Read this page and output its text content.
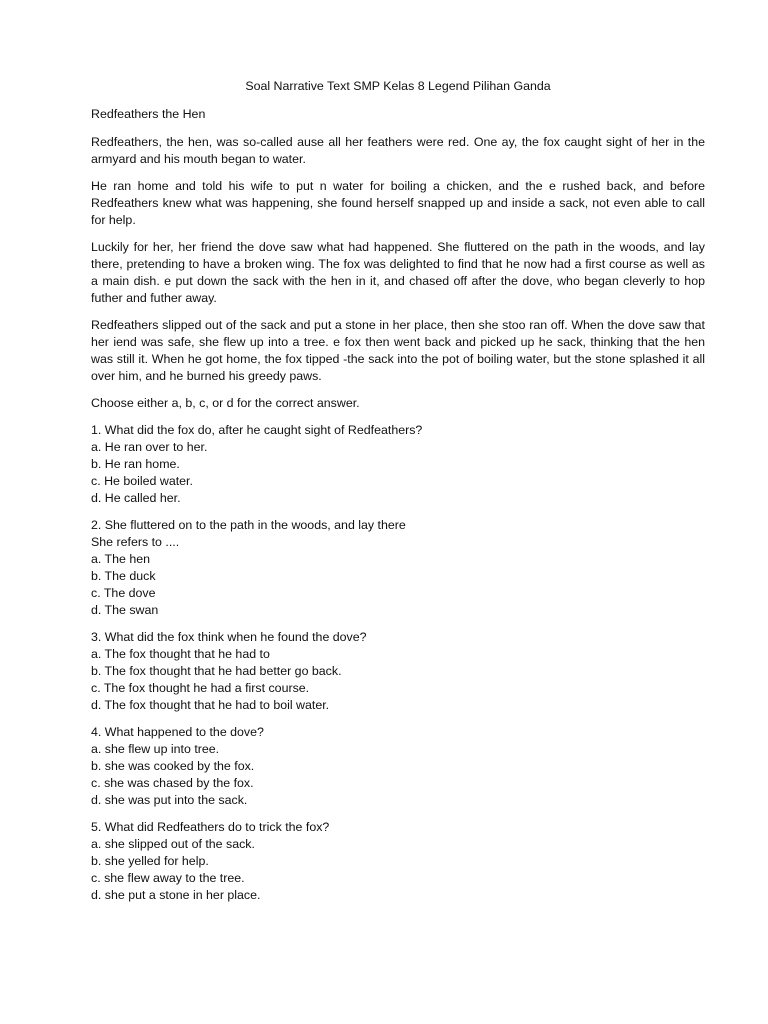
Soal Narrative Text SMP Kelas 8 Legend Pilihan Ganda
Redfeathers the Hen

Redfeathers, the hen, was so-called ause all her feathers were red. One ay, the fox caught sight of her in the armyard and his mouth began to water.

He ran home and told his wife to put n water for boiling a chicken, and the e rushed back, and before Redfeathers knew what was happening, she found herself snapped up and inside a sack, not even able to call for help.

Luckily for her, her friend the dove saw what had happened. She fluttered on the path in the woods, and lay there, pretending to have a broken wing. The fox was delighted to find that he now had a first course as well as a main dish. e put down the sack with the hen in it, and chased off after the dove, who began cleverly to hop futher and futher away.

Redfeathers slipped out of the sack and put a stone in her place, then she stoo ran off. When the dove saw that her iend was safe, she flew up into a tree. e fox then went back and picked up he sack, thinking that the hen was still it. When he got home, the fox tipped -the sack into the pot of boiling water, but the stone splashed it all over him, and he burned his greedy paws.

Choose either a, b, c, or d for the correct answer.
1. What did the fox do, after he caught sight of Redfeathers?
a. He ran over to her.
b. He ran home.
c. He boiled water.
d. He called her.
2. She fluttered on to the path in the woods, and lay there
She refers to ....
a. The hen
b. The duck
c. The dove
d. The swan
3. What did the fox think when he found the dove?
a. The fox thought that he had to
b. The fox thought that he had better go back.
c. The fox thought he had a first course.
d. The fox thought that he had to boil water.
4. What happened to the dove?
a. she flew up into tree.
b. she was cooked by the fox.
c. she was chased by the fox.
d. she was put into the sack.
5. What did Redfeathers do to trick the fox?
a. she slipped out of the sack.
b. she yelled for help.
c. she flew away to the tree.
d. she put a stone in her place.
